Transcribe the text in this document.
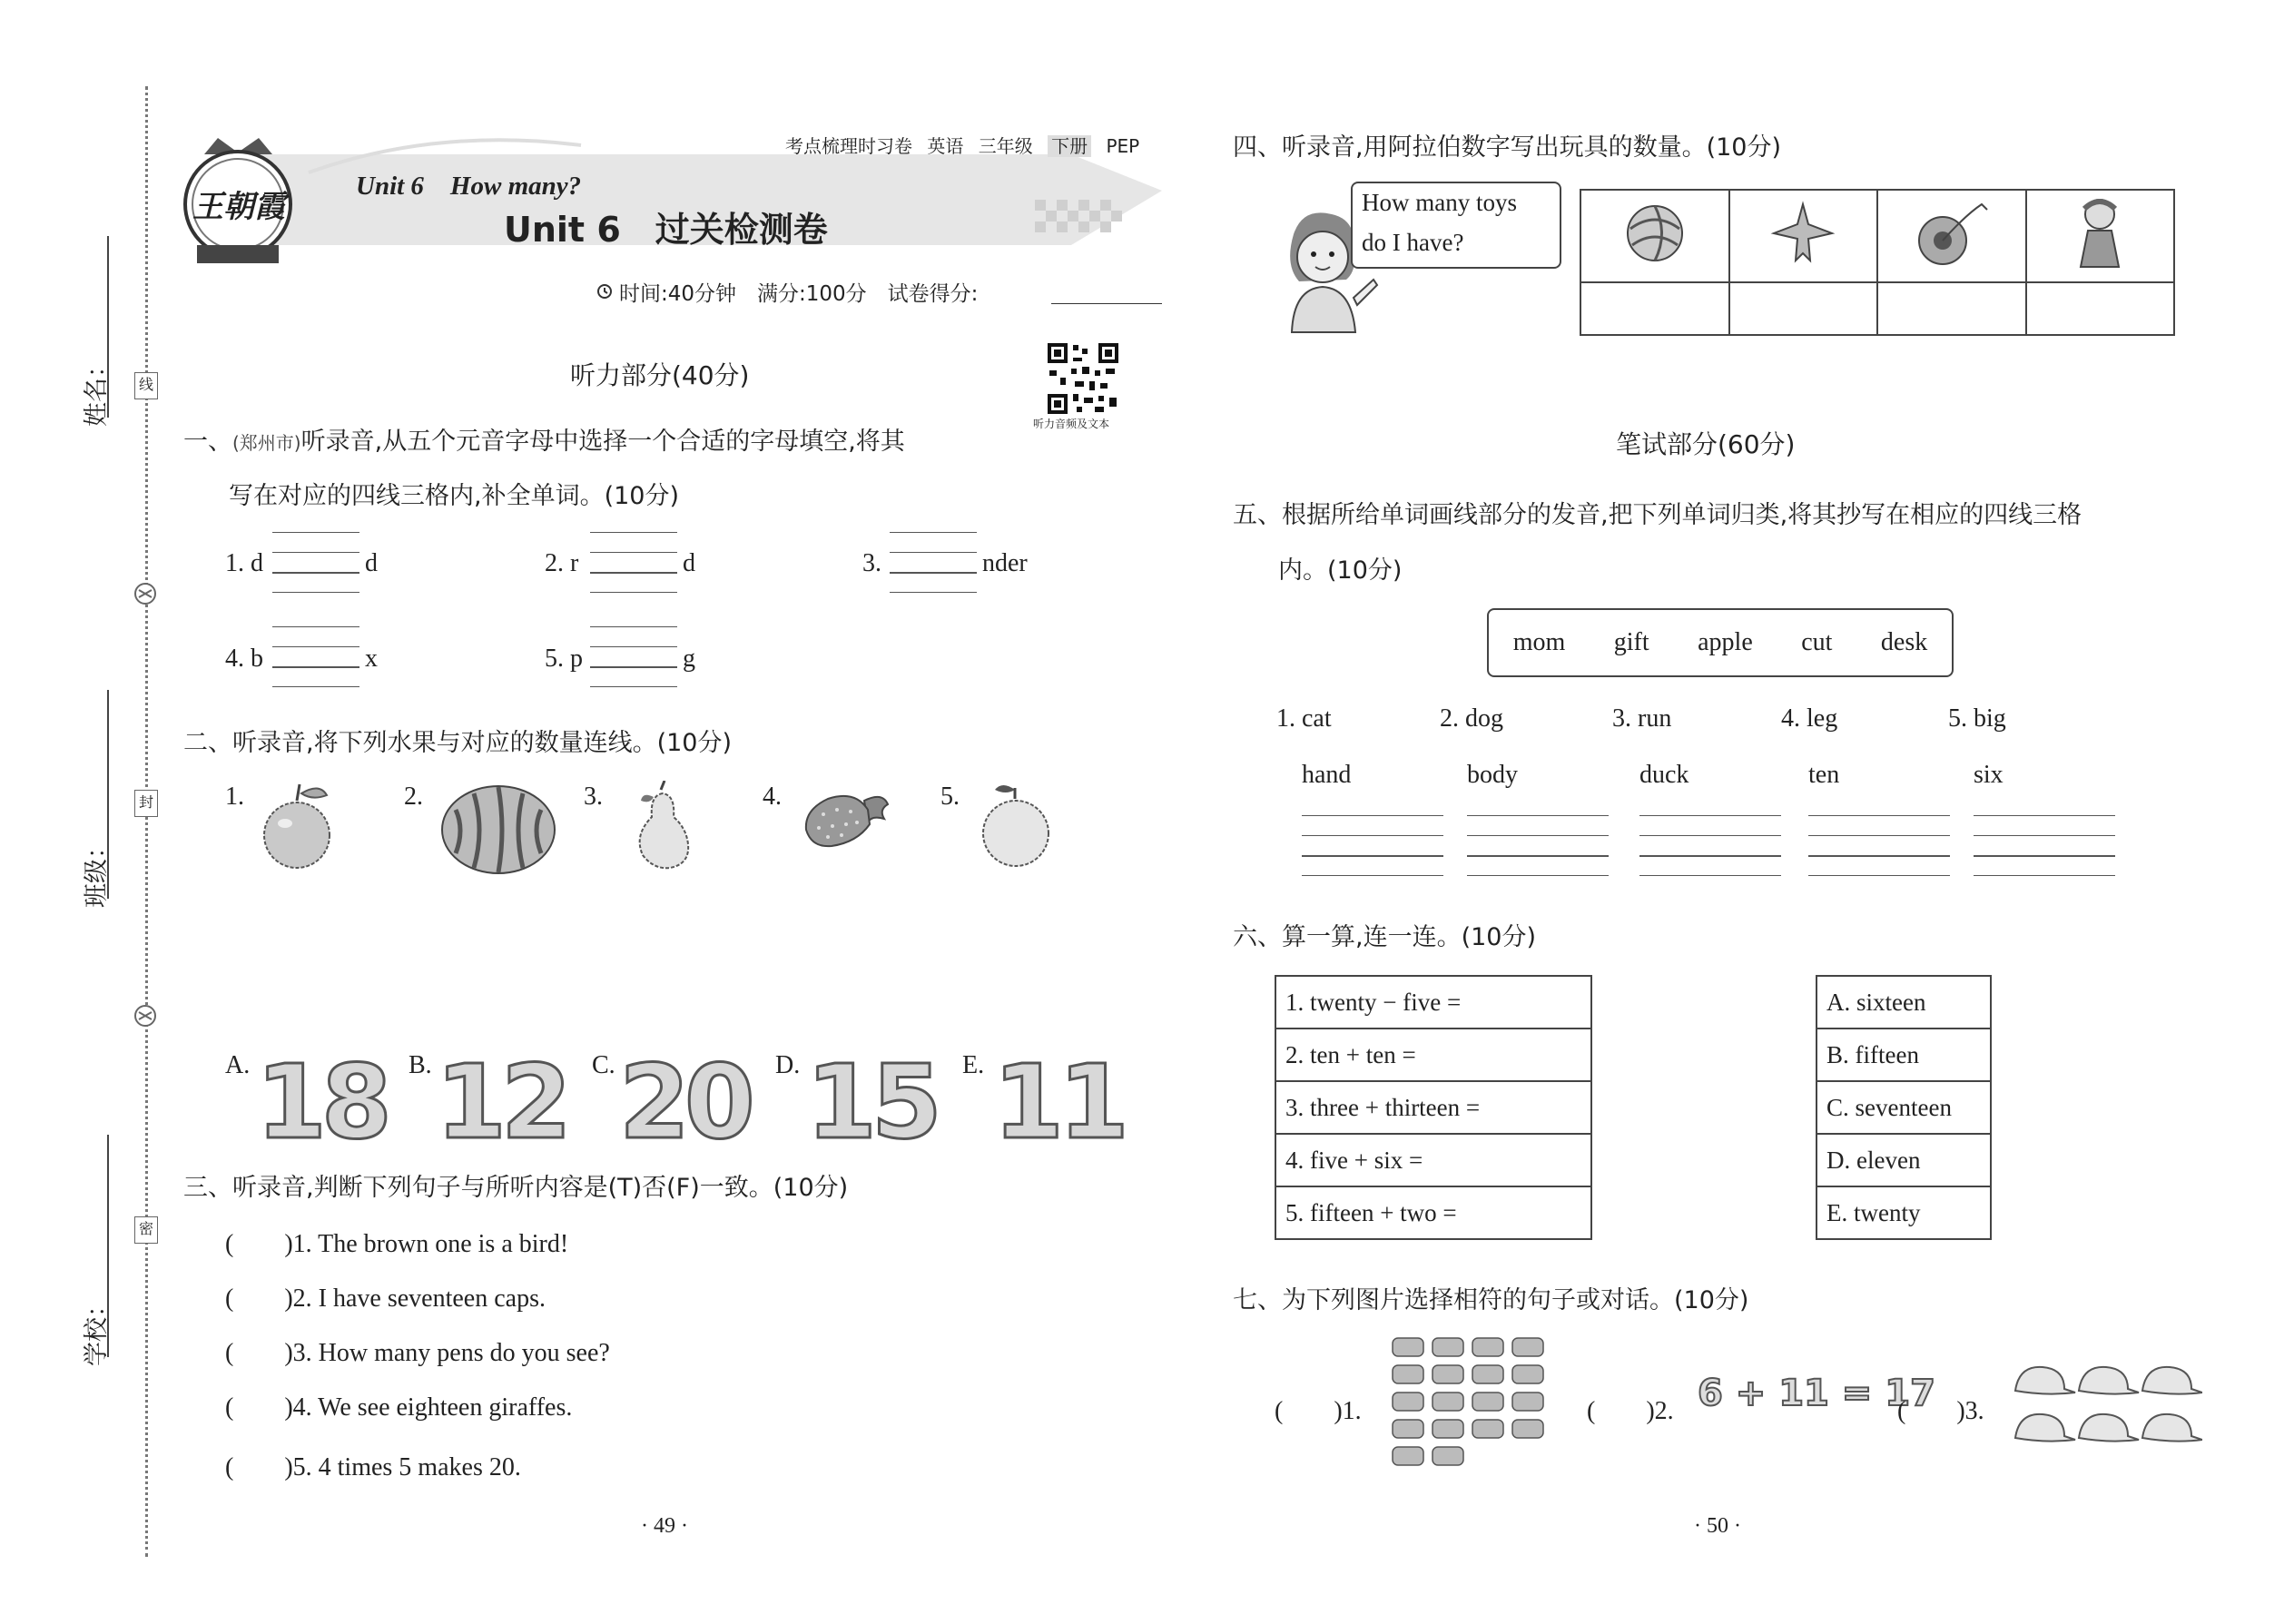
姓名：
班级：
学校：
线
封
密
王朝霞
考点梳理时习卷 英语 三年级 下册 PEP
Unit 6　How many?
Unit 6　过关检测卷
时间:40分钟　满分:100分　试卷得分:
听力音频及文本
听力部分(40分)
一、(郑州市)听录音,从五个元音字母中选择一个合适的字母填空,将其
写在对应的四线三格内,补全单词。(10分)
1. d	d	2. r	d	3.	nder
4. b	x	5. p	g
二、听录音,将下列水果与对应的数量连线。(10分)
1.	2.	3.	4.	5.
A. 18 B. 12 C. 20 D. 15 E. 11
三、听录音,判断下列句子与所听内容是(T)否(F)一致。(10分)
(　　)1. The brown one is a bird!
(　　)2. I have seventeen caps.
(　　)3. How many pens do you see?
(　　)4. We see eighteen giraffes.
(　　)5. 4 times 5 makes 20.
· 49 ·
四、听录音,用阿拉伯数字写出玩具的数量。(10分)
How many toys
do I have?

笔试部分(60分)
五、根据所给单词画线部分的发音,把下列单词归类,将其抄写在相应的四线三格
内。(10分)
mom gift apple cut desk
1. cat	2. dog	3. run	4. leg	5. big
hand	body	duck	ten	six
六、算一算,连一连。(10分)
1. twenty − five =
2. ten + ten =
3. three + thirteen =
4. five + six =
5. fifteen + two =
A. sixteen
B. fifteen
C. seventeen
D. eleven
E. twenty
七、为下列图片选择相符的句子或对话。(10分)
(　　)1.	(　　)2. 6 + 11 = 17
(　　)3.
· 50 ·
